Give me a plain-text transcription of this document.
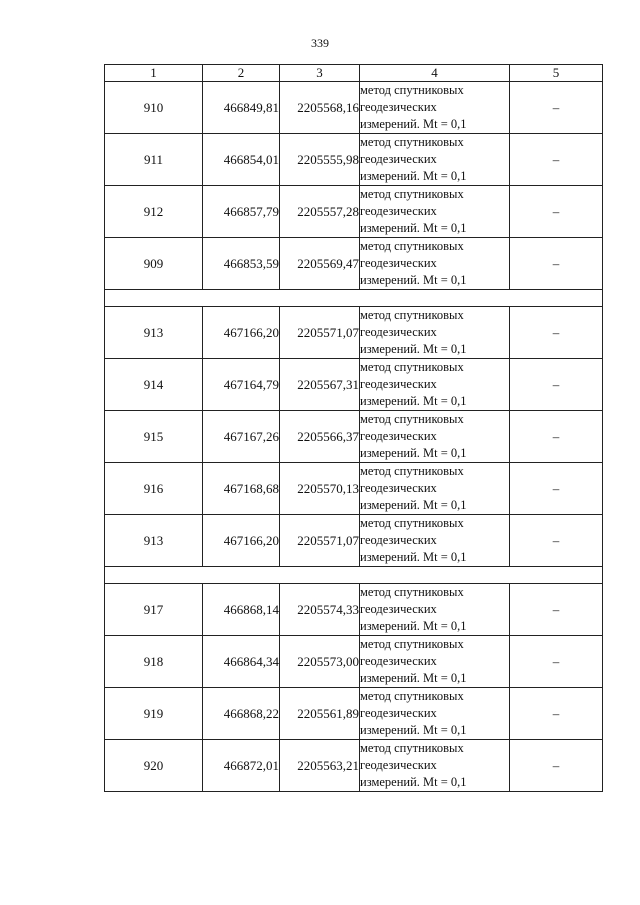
339
1	2	3	4	5
910	466849,81	2205568,16	метод спутниковых
геодезических
измерений. Mt = 0,1	–
911	466854,01	2205555,98	метод спутниковых
геодезических
измерений. Mt = 0,1	–
912	466857,79	2205557,28	метод спутниковых
геодезических
измерений. Mt = 0,1	–
909	466853,59	2205569,47	метод спутниковых
геодезических
измерений. Mt = 0,1	–

913	467166,20	2205571,07	метод спутниковых
геодезических
измерений. Mt = 0,1	–
914	467164,79	2205567,31	метод спутниковых
геодезических
измерений. Mt = 0,1	–
915	467167,26	2205566,37	метод спутниковых
геодезических
измерений. Mt = 0,1	–
916	467168,68	2205570,13	метод спутниковых
геодезических
измерений. Mt = 0,1	–
913	467166,20	2205571,07	метод спутниковых
геодезических
измерений. Mt = 0,1	–

917	466868,14	2205574,33	метод спутниковых
геодезических
измерений. Mt = 0,1	–
918	466864,34	2205573,00	метод спутниковых
геодезических
измерений. Mt = 0,1	–
919	466868,22	2205561,89	метод спутниковых
геодезических
измерений. Mt = 0,1	–
920	466872,01	2205563,21	метод спутниковых
геодезических
измерений. Mt = 0,1	–
